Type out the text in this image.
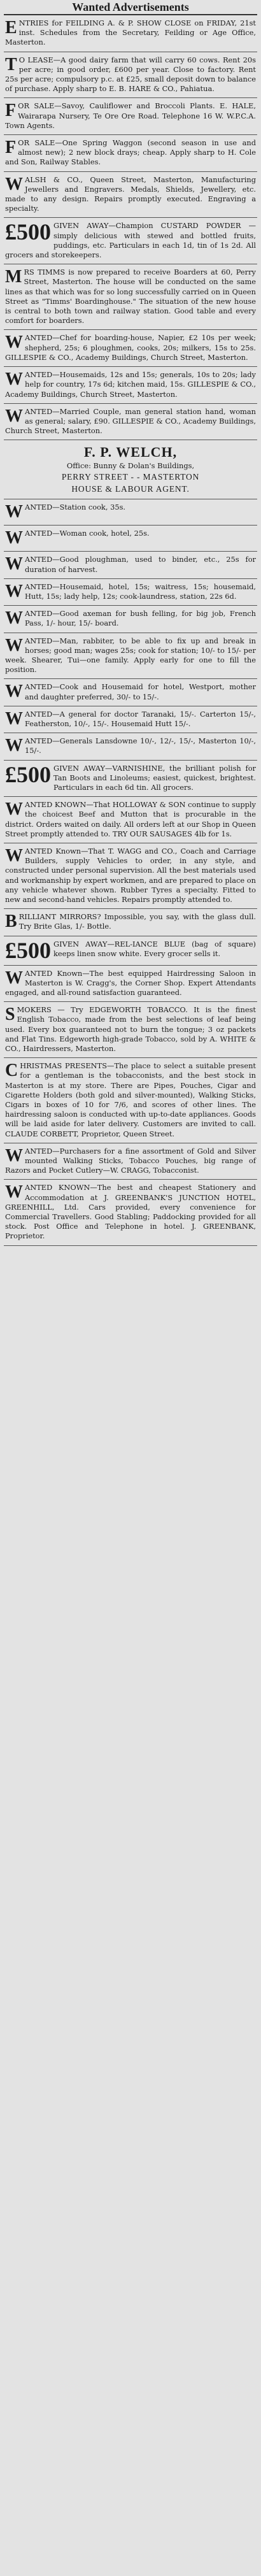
Wanted Advertisements
ENTRIES for FEILDING A. & P. SHOW CLOSE on FRIDAY, 21st inst. Schedules from the Secretary, Feilding or Age Office, Masterton.
T O LEASE—A good dairy farm that will carry 60 cows. Rent 20s per acre; in good order, £600 per year. Close to factory. Rent 25s per acre; compulsory p.c. at £25, small deposit down to balance of purchase. Apply sharp to E. B. HARE & CO., Pahiatua.
FOR SALE—Savoy, Cauliflower and Broccoli Plants. E. HALE, Wairarapa Nursery, Te Ore Ore Road. Telephone 16 W. W.P.C.A. Town Agents.
FOR SALE—One Spring Waggon (second season in use and almost new); 2 new block drays; cheap. Apply sharp to H. Cole and Son, Railway Stables.
WALSH & CO., Queen Street, Masterton, Manufacturing Jewellers and Engravers. Medals, Shields, Jewellery, etc. made to any design. Repairs promptly executed. Engraving a specialty.
£500 GIVEN AWAY—Champion CUSTARD POWDER —simply delicious with stewed and bottled fruits, puddings, etc. Particulars in each 1d, tin of 1s 2d. All grocers and storekeepers.
MRS TIMMS is now prepared to receive Boarders at 60, Perry Street, Masterton. The house will be conducted on the same lines as that which was for so long successfully carried on in Queen Street as "Timms' Boardinghouse." The situation of the new house is central to both town and railway station. Good table and every comfort for boarders.
WANTED—Chef for boarding-house, Napier, £2 10s per week; shepherd, 25s; 6 ploughmen, cooks, 20s; milkers, 15s to 25s. GILLESPIE & CO., Academy Buildings, Church Street, Masterton.
WANTED—Housemaids, 12s and 15s; generals, 10s to 20s; lady help for country, 17s 6d; kitchen maid, 15s. GILLESPIE & CO., Academy Buildings, Church Street, Masterton.
WANTED—Married Couple, man general station hand, woman as general; salary, £90. GILLESPIE & CO., Academy Buildings, Church Street, Masterton.
F. P. WELCH,
Office: Bunny & Dolan's Buildings,
PERRY STREET - - MASTERTON
HOUSE & LABOUR AGENT.
WANTED—Station cook, 35s.
WANTED—Woman cook, hotel, 25s.
WANTED—Good ploughman, used to binder, etc., 25s for duration of harvest.
WANTED—Housemaid, hotel, 15s; waitress, 15s; housemaid, Hutt, 15s; lady help, 12s; cook-laundress, station, 22s 6d.
WANTED—Good axeman for bush felling, for big job, French Pass, 1/- hour, 15/- board.
WANTED—Man, rabbiter, to be able to fix up and break in horses; good man; wages 25s; cook for station; 10/- to 15/- per week. Shearer, Tui—one family. Apply early for one to fill the position.
WANTED—Cook and Housemaid for hotel, Westport, mother and daughter preferred, 30/- to 15/-.
WANTED—A general for doctor Taranaki, 15/-. Carterton 15/-, Featherston, 10/-, 15/-. Housemaid Hutt 15/-.
WANTED—Generals Lansdowne 10/-, 12/-, 15/-, Masterton 10/-, 15/-.
£500 GIVEN AWAY—VARNISHINE, the brilliant polish for Tan Boots and Linoleums; easiest, quickest, brightest. Particulars in each 6d tin. All grocers.
WANTED KNOWN—That HOLLOWAY & SON continue to supply the choicest Beef and Mutton that is procurable in the district. Orders waited on daily. All orders left at our Shop in Queen Street promptly attended to. TRY OUR SAUSAGES 4lb for 1s.
WANTED Known—That T. WAGG and CO., Coach and Carriage Builders, supply Vehicles to order, in any style, and constructed under personal supervision. All the best materials used and workmanship by expert workmen, and are prepared to place on any vehicle whatever shown. Rubber Tyres a specialty. Fitted to new and second-hand vehicles. Repairs promptly attended to.
BRILLIANT MIRRORS? Impossible, you say, with the glass dull. Try Brite Glas, 1/- Bottle.
£500 GIVEN AWAY—REL-IANCE BLUE (bag of square) keeps linen snow white. Every grocer sells it.
WANTED Known—The best equipped Hairdressing Saloon in Masterton is W. Cragg's, the Corner Shop. Expert Attendants engaged, and all-round satisfaction guaranteed.
SMOKERS — Try EDGEWORTH TOBACCO. It is the finest English Tobacco, made from the best selections of leaf being used. Every box guaranteed not to burn the tongue; 3 oz packets and Flat Tins. Edgeworth high-grade Tobacco, sold by A. WHITE & CO., Hairdressers, Masterton.
CHRISTMAS PRESENTS—The place to select a suitable present for a gentleman is the tobacconists, and the best stock in Masterton is at my store. There are Pipes, Pouches, Cigar and Cigarette Holders (both gold and silver-mounted), Walking Sticks, Cigars in boxes of 10 for 7/6, and scores of other lines. The hairdressing saloon is conducted with up-to-date appliances. Goods will be laid aside for later delivery. Customers are invited to call. CLAUDE CORBETT, Proprietor, Queen Street.
WANTED—Purchasers for a fine assortment of Gold and Silver mounted Walking Sticks, Tobacco Pouches, big range of Razors and Pocket Cutlery—W. CRAGG, Tobacconist.
WANTED KNOWN—The best and cheapest Stationery and Accommodation at J. GREENBANK'S JUNCTION HOTEL, GREENHILL, Ltd. Cars provided, every convenience for Commercial Travellers. Good Stabling; Paddocking provided for all stock. Post Office and Telephone in hotel. J. GREENBANK, Proprietor.
